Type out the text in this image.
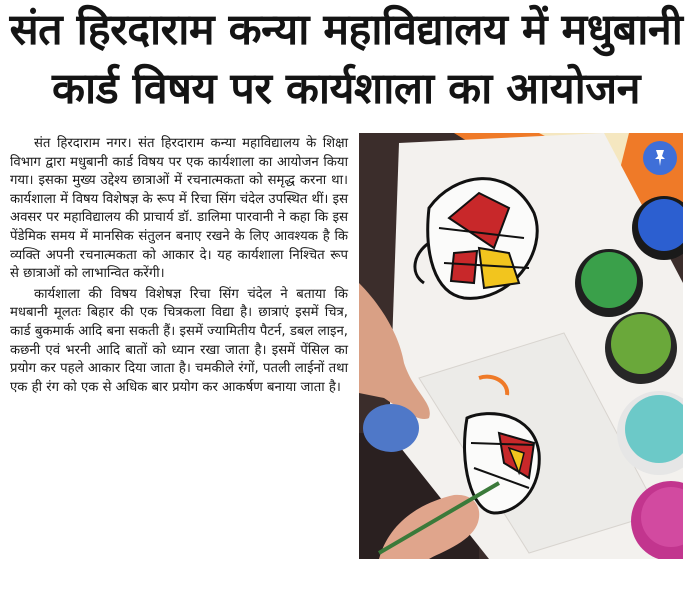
संत हिरदाराम कन्या महाविद्यालय में मधुबानी
कार्ड विषय पर कार्यशाला का आयोजन

संत हिरदाराम नगर। संत हिरदाराम कन्या महाविद्यालय के शिक्षा विभाग द्वारा मधुबानी कार्ड विषय पर एक कार्यशाला का आयोजन किया गया। इसका मुख्य उद्देश्य छात्राओं में रचनात्मकता को समृद्ध करना था। कार्यशाला में विषय विशेषज्ञ के रूप में रिचा सिंग चंदेल उपस्थित थीं। इस अवसर पर महाविद्यालय की प्राचार्य डॉ. डालिमा पारवानी ने कहा कि इस पेंडेमिक समय में मानसिक संतुलन बनाए रखने के लिए आवश्यक है कि व्यक्ति अपनी रचनात्मकता को आकार दे। यह कार्यशाला निश्चित रूप से छात्राओं को लाभान्वित करेंगी।

कार्यशाला की विषय विशेषज्ञ रिचा सिंग चंदेल ने बताया कि मधबानी मूलतः बिहार की एक चित्रकला विद्या है। छात्राएं इसमें चित्र, कार्ड बुकमार्क आदि बना सकती हैं। इसमें ज्यामितीय पैटर्न, डबल लाइन, कछनी एवं भरनी आदि बातों को ध्यान रखा जाता है। इसमें पेंसिल का प्रयोग कर पहले आकार दिया जाता है। चमकीले रंगों, पतली लाईनों तथा एक ही रंग को एक से अधिक बार प्रयोग कर आकर्षण बनाया जाता है।
